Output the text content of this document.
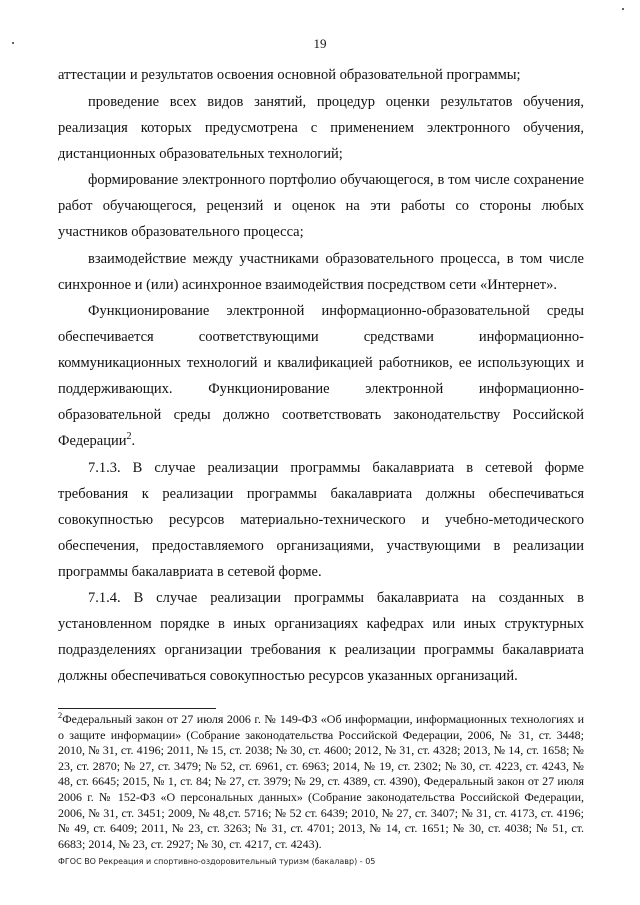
19

аттестации и результатов освоения основной образовательной программы;

проведение всех видов занятий, процедур оценки результатов обучения, реализация которых предусмотрена с применением электронного обучения, дистанционных образовательных технологий;

формирование электронного портфолио обучающегося, в том числе сохранение работ обучающегося, рецензий и оценок на эти работы со стороны любых участников образовательного процесса;

взаимодействие между участниками образовательного процесса, в том числе синхронное и (или) асинхронное взаимодействия посредством сети «Интернет».

Функционирование электронной информационно-образовательной среды обеспечивается соответствующими средствами информационно- коммуникационных технологий и квалификацией работников, ее использующих и поддерживающих. Функционирование электронной информационно-образовательной среды должно соответствовать законодательству Российской Федерации$^2$.

7.1.3. В случае реализации программы бакалавриата в сетевой форме требования к реализации программы бакалавриата должны обеспечиваться совокупностью ресурсов материально-технического и учебно-методического обеспечения, предоставляемого организациями, участвующими в реализации программы бакалавриата в сетевой форме.

7.1.4. В случае реализации программы бакалавриата на созданных в установленном порядке в иных организациях кафедрах или иных структурных подразделениях организации требования к реализации программы бакалавриата должны обеспечиваться совокупностью ресурсов указанных организаций.

$^2$Федеральный закон от 27 июля 2006 г. № 149-ФЗ «Об информации, информационных технологиях и о защите информации» (Собрание законодательства Российской Федерации, 2006, № 31, ст. 3448; 2010, № 31, ст. 4196; 2011, № 15, ст. 2038; № 30, ст. 4600; 2012, № 31, ст. 4328; 2013, № 14, ст. 1658; № 23, ст. 2870; № 27, ст. 3479; № 52, ст. 6961, ст. 6963; 2014, № 19, ст. 2302; № 30, ст. 4223, ст. 4243, № 48, ст. 6645; 2015, № 1, ст. 84; № 27, ст. 3979; № 29, ст. 4389, ст. 4390), Федеральный закон от 27 июля 2006 г. № 152-ФЗ «О персональных данных» (Собрание законодательства Российской Федерации, 2006, № 31, ст. 3451; 2009, № 48,ст. 5716; № 52 ст. 6439; 2010, № 27, ст. 3407; № 31, ст. 4173, ст. 4196; № 49, ст. 6409; 2011, № 23, ст. 3263; № 31, ст. 4701; 2013, № 14, ст. 1651; № 30, ст. 4038; № 51, ст. 6683; 2014, № 23, ст. 2927; № 30, ст. 4217, ст. 4243).
ФГОС ВО Рекреация и спортивно-оздоровительный туризм (бакалавр) - 05
